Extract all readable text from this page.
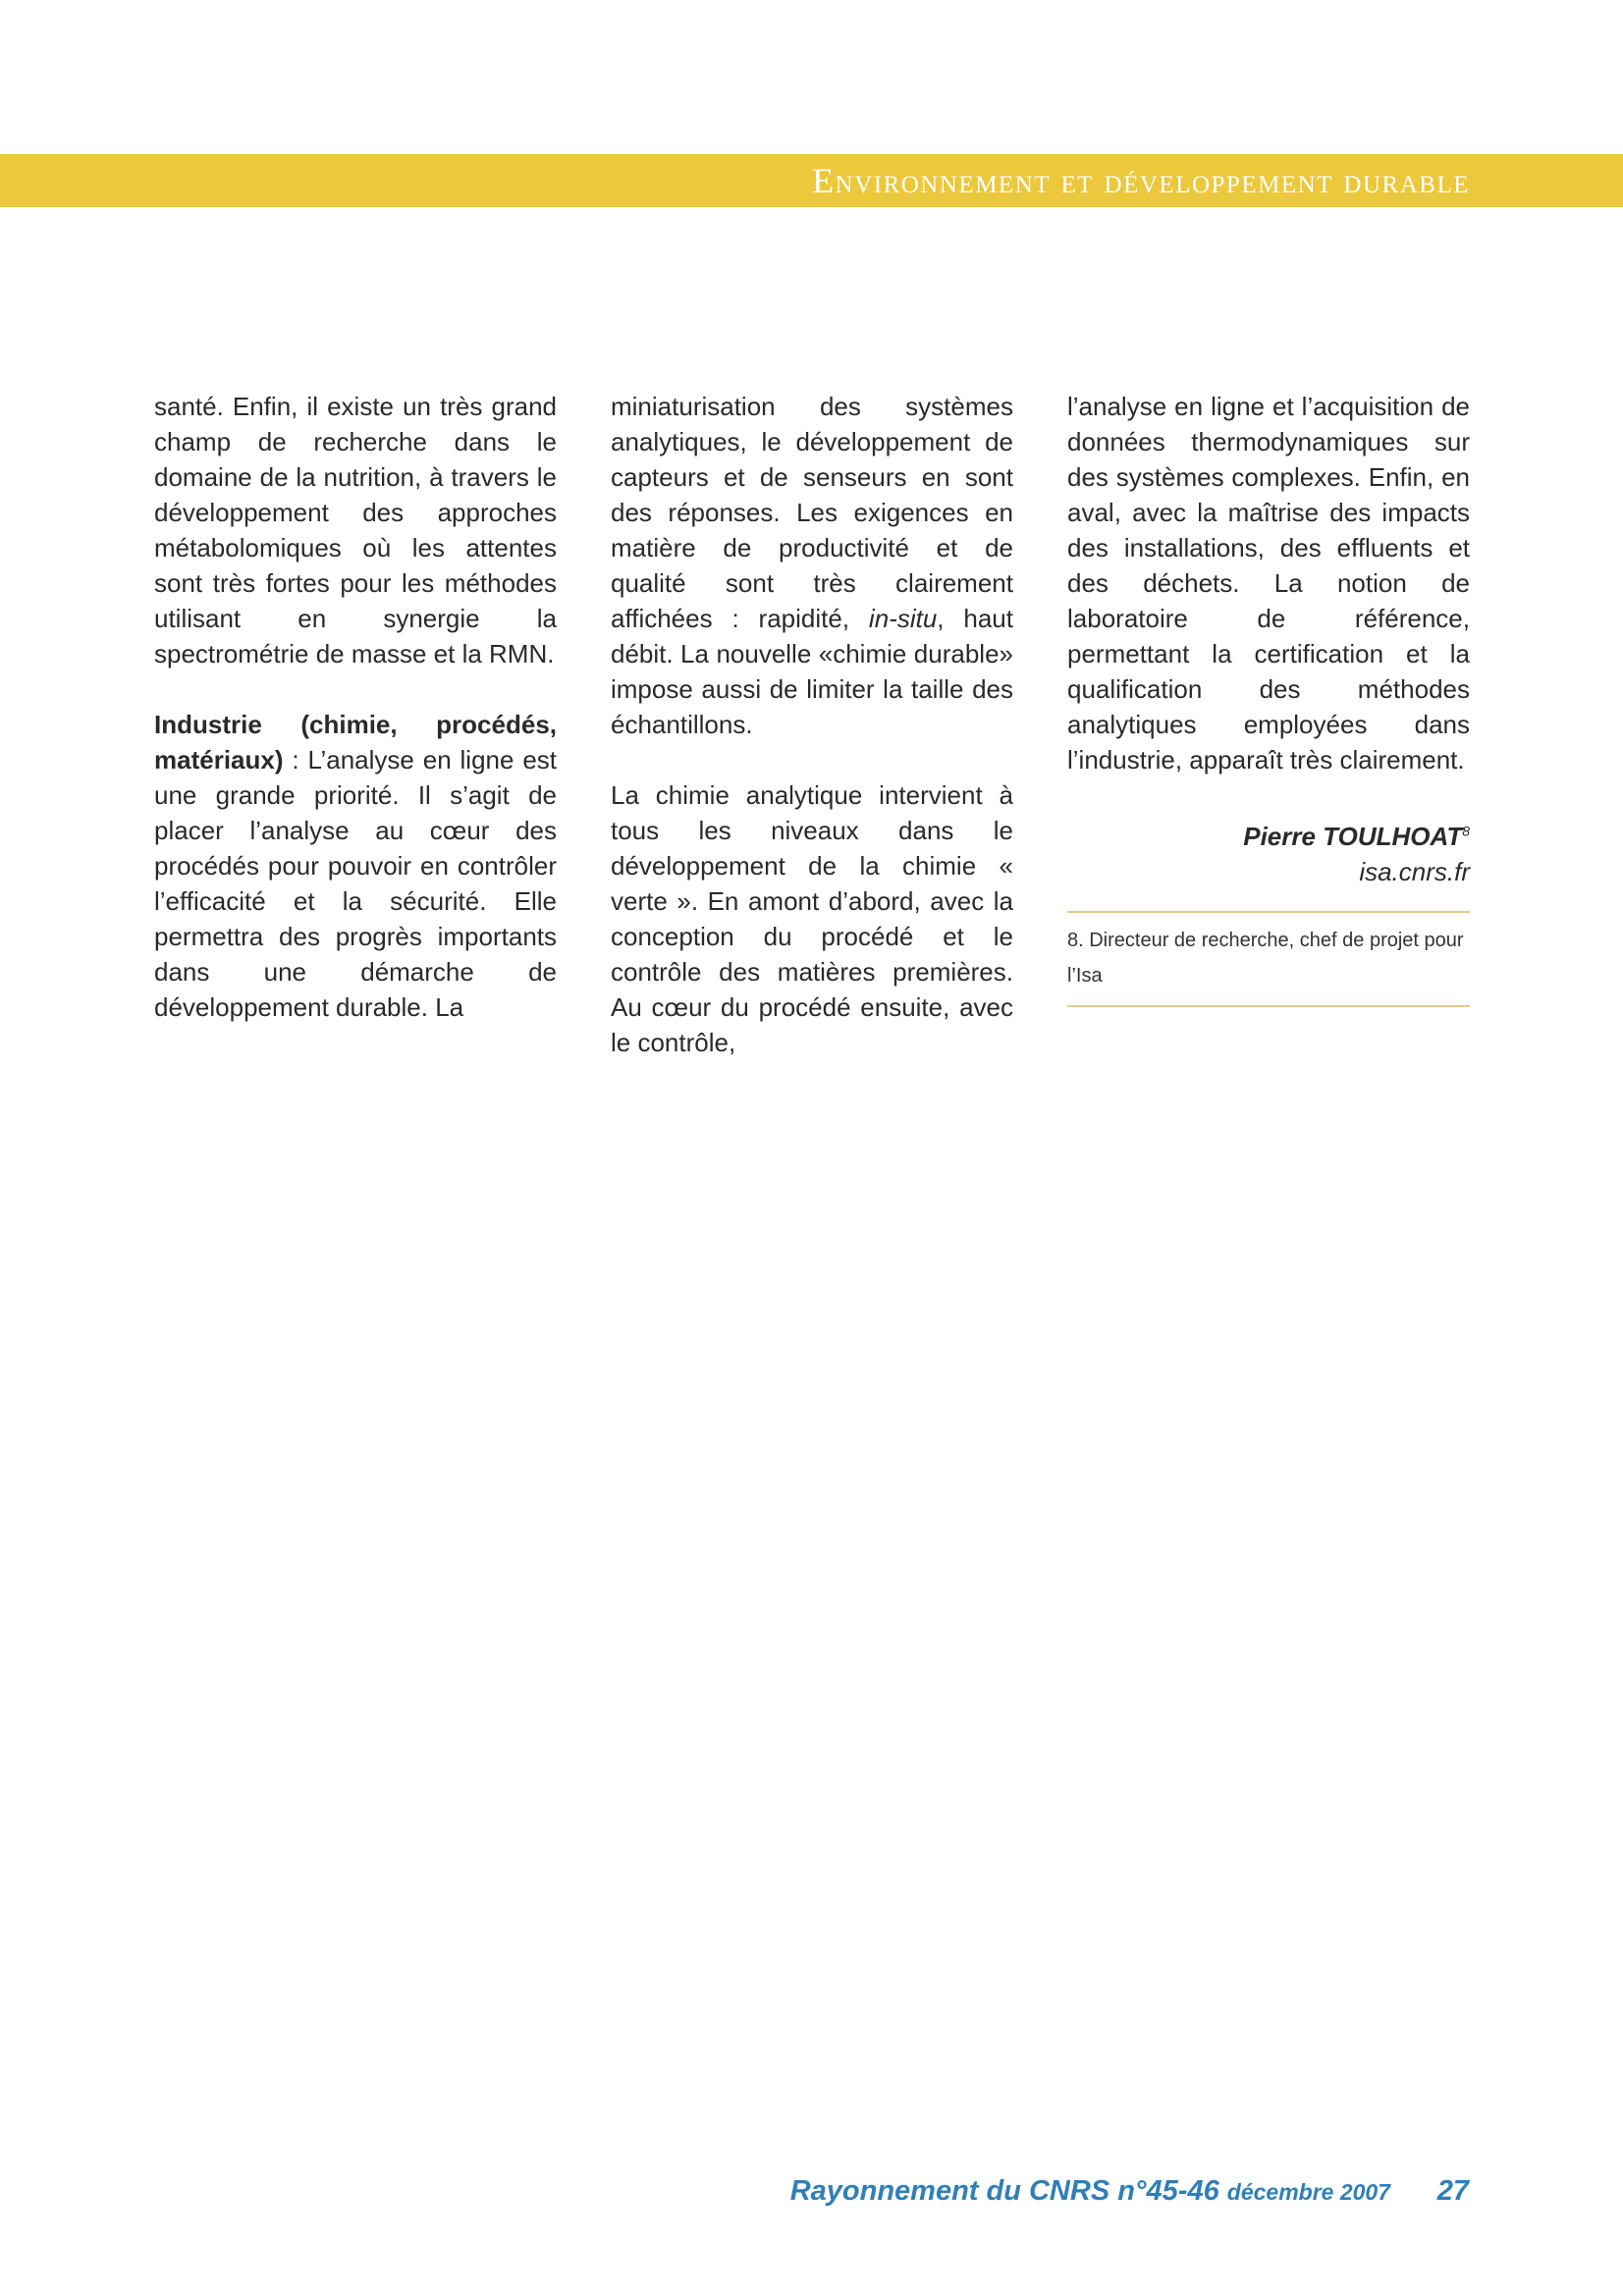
Environnement et développement durable

santé. Enfin, il existe un très grand champ de recherche dans le domaine de la nutrition, à travers le développement des approches métabolomiques où les attentes sont très fortes pour les méthodes utilisant en synergie la spectrométrie de masse et la RMN.

Industrie (chimie, procédés, matériaux) : L’analyse en ligne est une grande priorité. Il s’agit de placer l’analyse au cœur des procédés pour pouvoir en contrôler l’efficacité et la sécurité. Elle permettra des progrès importants dans une démarche de développement durable. La

miniaturisation des systèmes analytiques, le développement de capteurs et de senseurs en sont des réponses. Les exigences en matière de productivité et de qualité sont très clairement affichées : rapidité, in-situ, haut débit. La nouvelle «chimie durable» impose aussi de limiter la taille des échantillons.

La chimie analytique intervient à tous les niveaux dans le développement de la chimie « verte ». En amont d’abord, avec la conception du procédé et le contrôle des matières premières. Au cœur du procédé ensuite, avec le contrôle,

l’analyse en ligne et l’acquisition de données thermodynamiques sur des systèmes complexes. Enfin, en aval, avec la maîtrise des impacts des installations, des effluents et des déchets. La notion de laboratoire de référence, permettant la certification et la qualification des méthodes analytiques employées dans l’industrie, apparaît très clairement.

Pierre TOULHOAT$^8$
isa.cnrs.fr
8. Directeur de recherche, chef de projet pour l’Isa
Rayonnement du CNRS n°45-46 décembre 2007 27
